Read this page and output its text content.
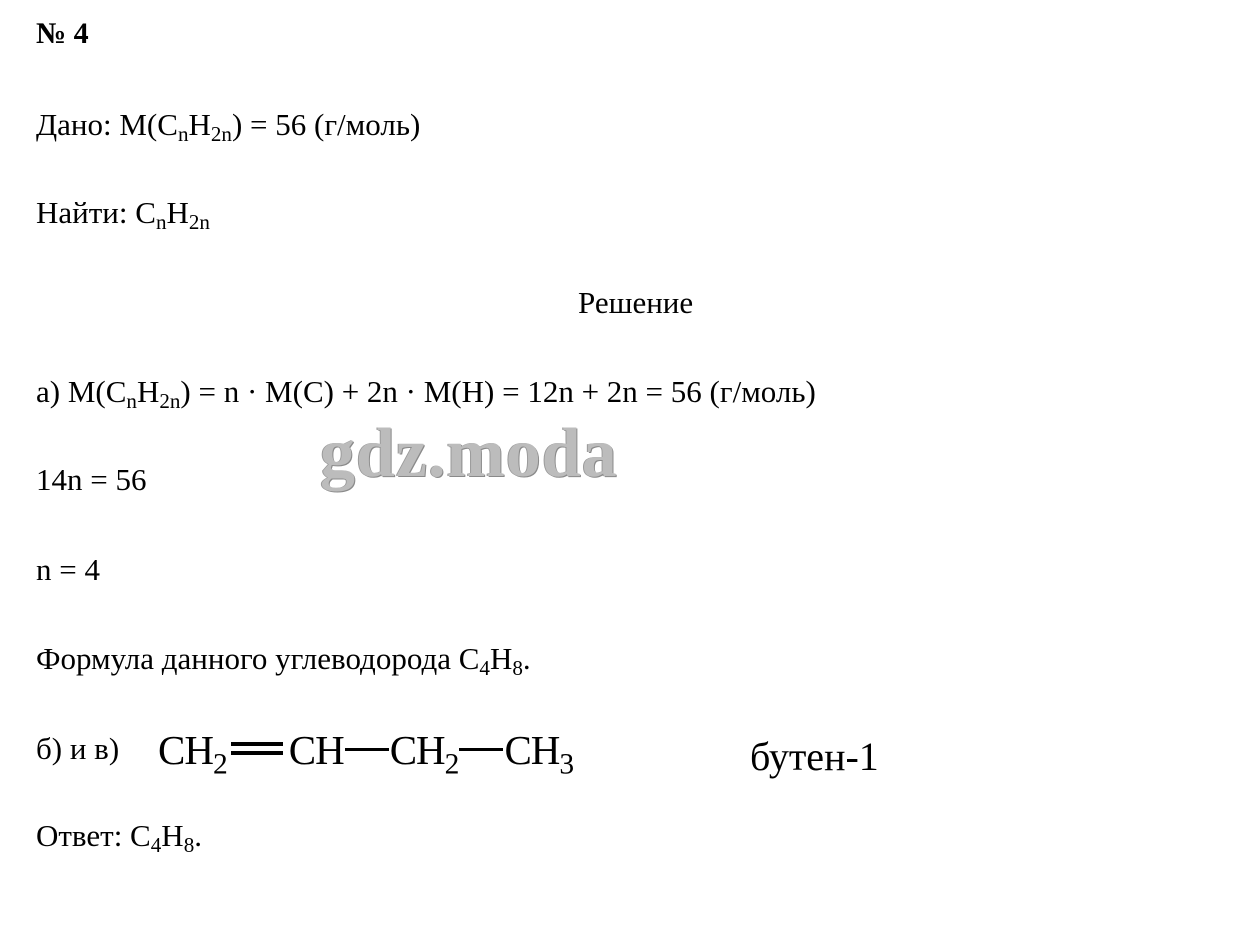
№ 4
Дано: $M(C_nH_{2n}) = 56$ (г/моль)
Найти: $C_nH_{2n}$
Решение
а) $M(C_nH_{2n}) = n \cdot M(C) + 2n \cdot M(H) = 12n + 2n = 56$ (г/моль)
14n = 56
n = 4
Формула данного углеводорода $C_4H_8$.
б) и в) $CH_2$ CH $CH_2$ $CH_3$	бутен-1
Ответ: $C_4H_8$.
gdz.moda
